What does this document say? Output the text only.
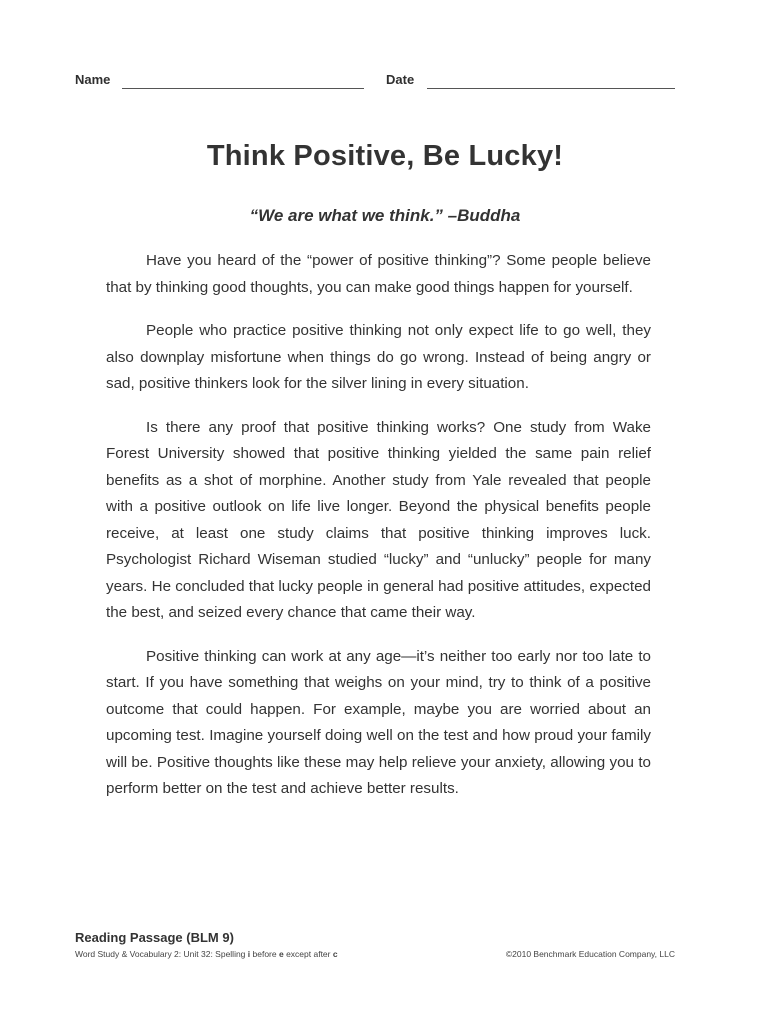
Name	Date
Think Positive, Be Lucky!
“We are what we think.” –Buddha

Have you heard of the “power of positive thinking”? Some people believe that by thinking good thoughts, you can make good things happen for yourself.

People who practice positive thinking not only expect life to go well, they also downplay misfortune when things do go wrong. Instead of being angry or sad, positive thinkers look for the silver lining in every situation.

Is there any proof that positive thinking works? One study from Wake Forest University showed that positive thinking yielded the same pain relief benefits as a shot of morphine. Another study from Yale revealed that people with a positive outlook on life live longer. Beyond the physical benefits people receive, at least one study claims that positive thinking improves luck. Psychologist Richard Wiseman studied “lucky” and “unlucky” people for many years. He concluded that lucky people in general had positive attitudes, expected the best, and seized every chance that came their way.

Positive thinking can work at any age—it’s neither too early nor too late to start. If you have something that weighs on your mind, try to think of a positive outcome that could happen. For example, maybe you are worried about an upcoming test. Imagine yourself doing well on the test and how proud your family will be. Positive thoughts like these may help relieve your anxiety, allowing you to perform better on the test and achieve better results.

Reading Passage (BLM 9)
Word Study & Vocabulary 2: Unit 32: Spelling i before e except after c	©2010 Benchmark Education Company, LLC
